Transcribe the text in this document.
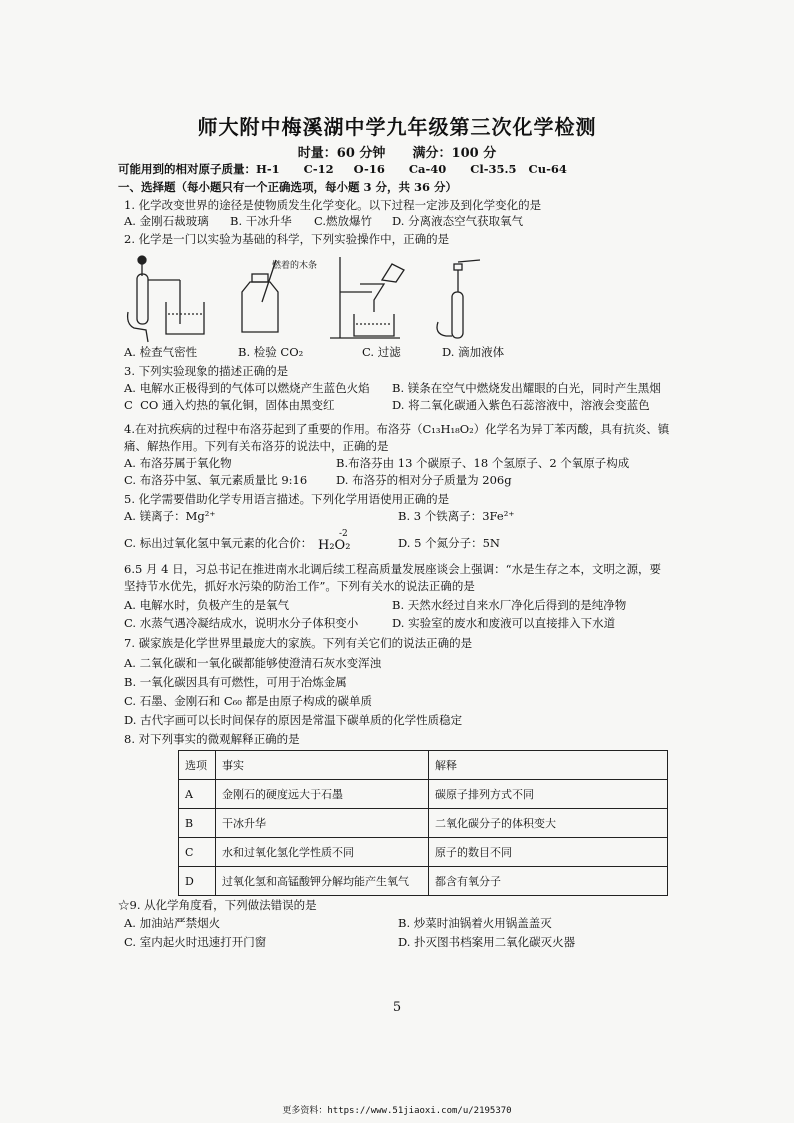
师大附中梅溪湖中学九年级第三次化学检测
时量：60 分钟      满分：100 分
可能用到的相对原子质量：H-1      C-12     O-16      Ca-40      Cl-35.5   Cu-64
一、选择题（每小题只有一个正确选项，每小题 3 分，共 36 分）
1. 化学改变世界的途径是使物质发生化学变化。以下过程一定涉及到化学变化的是
A. 金刚石裁玻璃 B. 干冰升华 C.燃放爆竹 D. 分离液态空气获取氧气
2. 化学是一门以实验为基础的科学，下列实验操作中，正确的是
燃着的木条
A. 检查气密性	B. 检验 CO₂	C. 过滤	D. 滴加液体
3. 下列实验现象的描述正确的是
A. 电解水正极得到的气体可以燃烧产生蓝色火焰 B. 镁条在空气中燃烧发出耀眼的白光，同时产生黑烟
C  CO 通入灼热的氧化铜，固体由黑变红	D. 将二氧化碳通入紫色石蕊溶液中，溶液会变蓝色
4.在对抗疾病的过程中布洛芬起到了重要的作用。布洛芬（C₁₃H₁₈O₂）化学名为异丁苯丙酸，具有抗炎、镇
痛、解热作用。下列有关布洛芬的说法中，正确的是
A. 布洛芬属于氧化物	B.布洛芬由 13 个碳原子、18 个氢原子、2 个氧原子构成
C. 布洛芬中氢、氧元素质量比 9:16	D. 布洛芬的相对分子质量为 206g
5. 化学需要借助化学专用语言描述。下列化学用语使用正确的是
A. 镁离子：Mg²⁺	B. 3 个铁离子：3Fe²⁺
C. 标出过氧化氢中氧元素的化合价：
-2
H₂O₂	D. 5 个氮分子：5N
6.5 月 4 日，习总书记在推进南水北调后续工程高质量发展座谈会上强调：“水是生存之本，文明之源，要
坚持节水优先，抓好水污染的防治工作”。下列有关水的说法正确的是
A. 电解水时，负极产生的是氧气	B. 天然水经过自来水厂净化后得到的是纯净物
C. 水蒸气遇冷凝结成水，说明水分子体积变小	D. 实验室的废水和废液可以直接排入下水道
7. 碳家族是化学世界里最庞大的家族。下列有关它们的说法正确的是
A. 二氧化碳和一氧化碳都能够使澄清石灰水变浑浊
B. 一氧化碳因具有可燃性，可用于冶炼金属
C. 石墨、金刚石和 C₆₀ 都是由原子构成的碳单质
D. 古代字画可以长时间保存的原因是常温下碳单质的化学性质稳定
8. 对下列事实的微观解释正确的是
选项	事实	解释
A	金刚石的硬度远大于石墨	碳原子排列方式不同
B	干冰升华	二氧化碳分子的体积变大
C	水和过氧化氢化学性质不同	原子的数目不同
D	过氧化氢和高锰酸钾分解均能产生氧气	都含有氧分子
☆9. 从化学角度看，下列做法错误的是
A. 加油站严禁烟火	B. 炒菜时油锅着火用锅盖盖灭
C. 室内起火时迅速打开门窗	D. 扑灭图书档案用二氧化碳灭火器
5
更多资料：https://www.51jiaoxi.com/u/2195370
